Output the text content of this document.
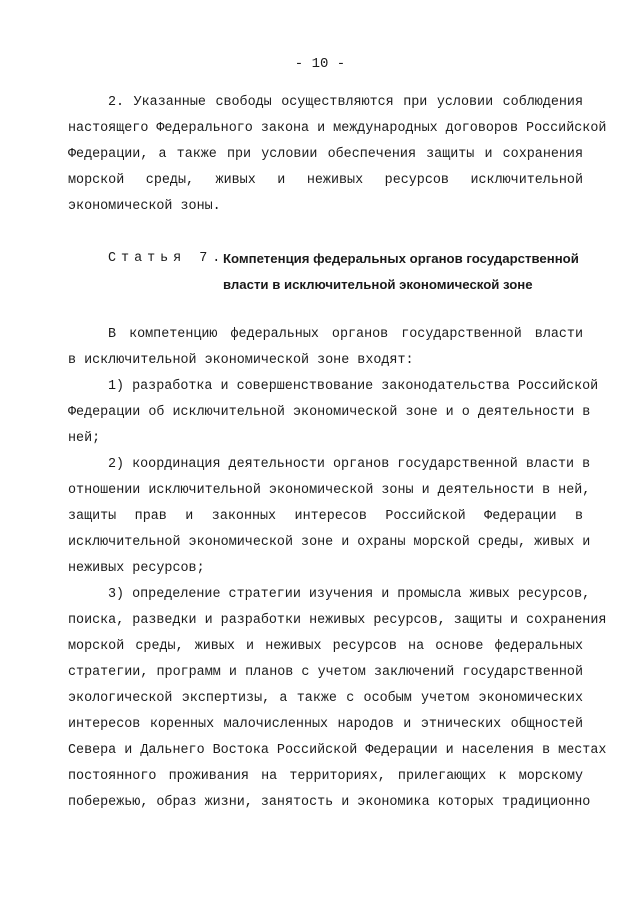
- 10 -
2. Указанные свободы осуществляются при условии соблюдения
настоящего Федерального закона и международных договоров Российской
Федерации, а также при условии обеспечения защиты и сохранения
морской среды, живых и неживых ресурсов исключительной
экономической зоны.
Статья 7.
Компетенция федеральных органов государственной
власти в исключительной экономической зоне
В компетенцию федеральных органов государственной власти
в исключительной экономической зоне входят:
1) разработка и совершенствование законодательства Российской
Федерации об исключительной экономической зоне и о деятельности в
ней;
2) координация деятельности органов государственной власти в
отношении исключительной экономической зоны и деятельности в ней,
защиты прав и законных интересов Российской Федерации в
исключительной экономической зоне и охраны морской среды, живых и
неживых ресурсов;
3) определение стратегии изучения и промысла живых ресурсов,
поиска, разведки и разработки неживых ресурсов, защиты и сохранения
морской среды, живых и неживых ресурсов на основе федеральных
стратегии, программ и планов с учетом заключений государственной
экологической экспертизы, а также с особым учетом экономических
интересов коренных малочисленных народов и этнических общностей
Севера и Дальнего Востока Российской Федерации и населения в местах
постоянного проживания на территориях, прилегающих к морскому
побережью, образ жизни, занятость и экономика которых традиционно
